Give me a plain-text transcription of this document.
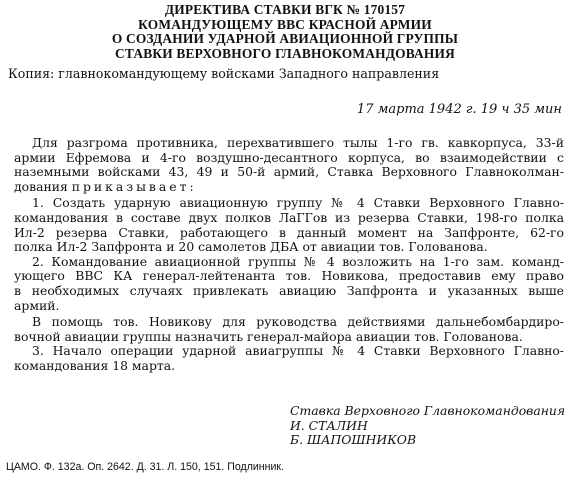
ДИРЕКТИВА СТАВКИ ВГК № 170157
КОМАНДУЮЩЕМУ ВВС КРАСНОЙ АРМИИ
О СОЗДАНИИ УДАРНОЙ АВИАЦИОННОЙ ГРУППЫ
СТАВКИ ВЕРХОВНОГО ГЛАВНОКОМАНДОВАНИЯ
Копия: главнокомандующему войсками Западного направления
17 марта 1942 г. 19 ч 35 мин
Для разгрома противника, перехватившего тылы 1-го гв. кавкорпуса, 33-й
армии Ефремова и 4-го воздушно-десантного корпуса, во взаимодействии с
наземными войсками 43, 49 и 50-й армий, Ставка Верховного Главноколман-
дования приказывает:
1. Создать ударную авиационную группу № 4 Ставки Верховного Главно-
командования в составе двух полков ЛаГГов из резерва Ставки, 198-го полка
Ил-2 резерва Ставки, работающего в данный момент на Запфронте, 62-го
полка Ил-2 Запфронта и 20 самолетов ДБА от авиации тов. Голованова.
2. Командование авиационной группы № 4 возложить на 1-го зам. команд-
ующего ВВС КА генерал-лейтенанта тов. Новикова, предоставив ему право
в необходимых случаях привлекать авиацию Запфронта и указанных выше
армий.
В помощь тов. Новикову для руководства действиями дальнебомбардиро-
вочной авиации группы назначить генерал-майора авиации тов. Голованова.
3. Начало операции ударной авиагруппы № 4 Ставки Верховного Главно-
командования 18 марта.
Ставка Верховного Главнокомандования
И. СТАЛИН
Б. ШАПОШНИКОВ
ЦАМО. Ф. 132а. Оп. 2642. Д. 31. Л. 150, 151. Подлинник.
